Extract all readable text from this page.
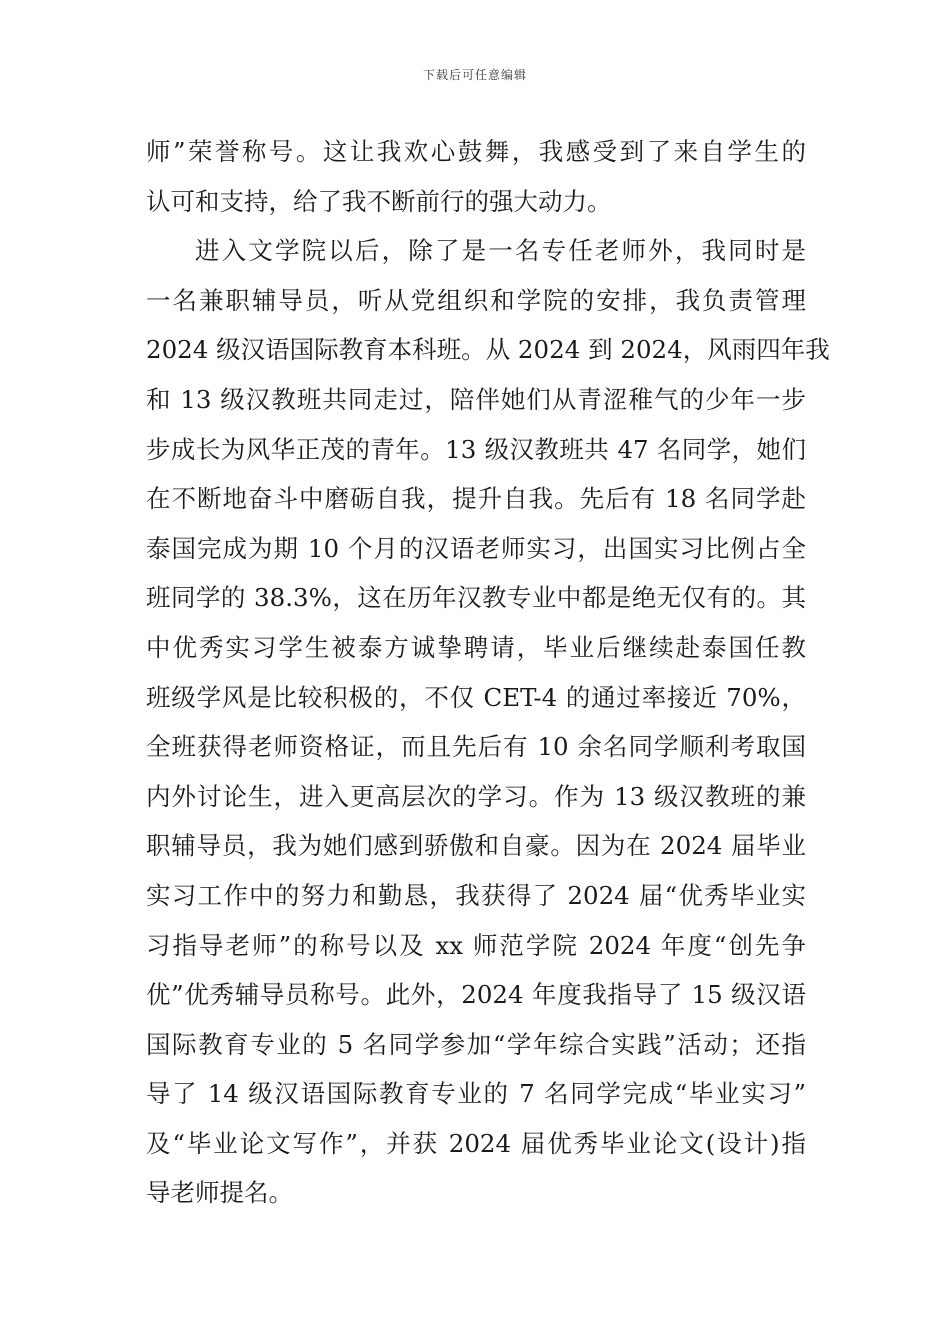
下载后可任意编辑
师”荣誉称号。这让我欢心鼓舞，我感受到了来自学生的
认可和支持，给了我不断前行的强大动力。
进入文学院以后，除了是一名专任老师外，我同时是
一名兼职辅导员，听从党组织和学院的安排，我负责管理
2024 级汉语国际教育本科班。从 2024 到 2024，风雨四年我
和 13 级汉教班共同走过，陪伴她们从青涩稚气的少年一步
步成长为风华正茂的青年。13 级汉教班共 47 名同学，她们
在不断地奋斗中磨砺自我，提升自我。先后有 18 名同学赴
泰国完成为期 10 个月的汉语老师实习，出国实习比例占全
班同学的 38.3%，这在历年汉教专业中都是绝无仅有的。其
中优秀实习学生被泰方诚挚聘请，毕业后继续赴泰国任教
班级学风是比较积极的，不仅 CET-4 的通过率接近 70%，
全班获得老师资格证，而且先后有 10 余名同学顺利考取国
内外讨论生，进入更高层次的学习。作为 13 级汉教班的兼
职辅导员，我为她们感到骄傲和自豪。因为在 2024 届毕业
实习工作中的努力和勤恳，我获得了 2024 届“优秀毕业实
习指导老师”的称号以及 xx 师范学院 2024 年度“创先争
优”优秀辅导员称号。此外，2024 年度我指导了 15 级汉语
国际教育专业的 5 名同学参加“学年综合实践”活动；还指
导了 14 级汉语国际教育专业的 7 名同学完成“毕业实习”
及“毕业论文写作”，并获 2024 届优秀毕业论文(设计)指
导老师提名。
